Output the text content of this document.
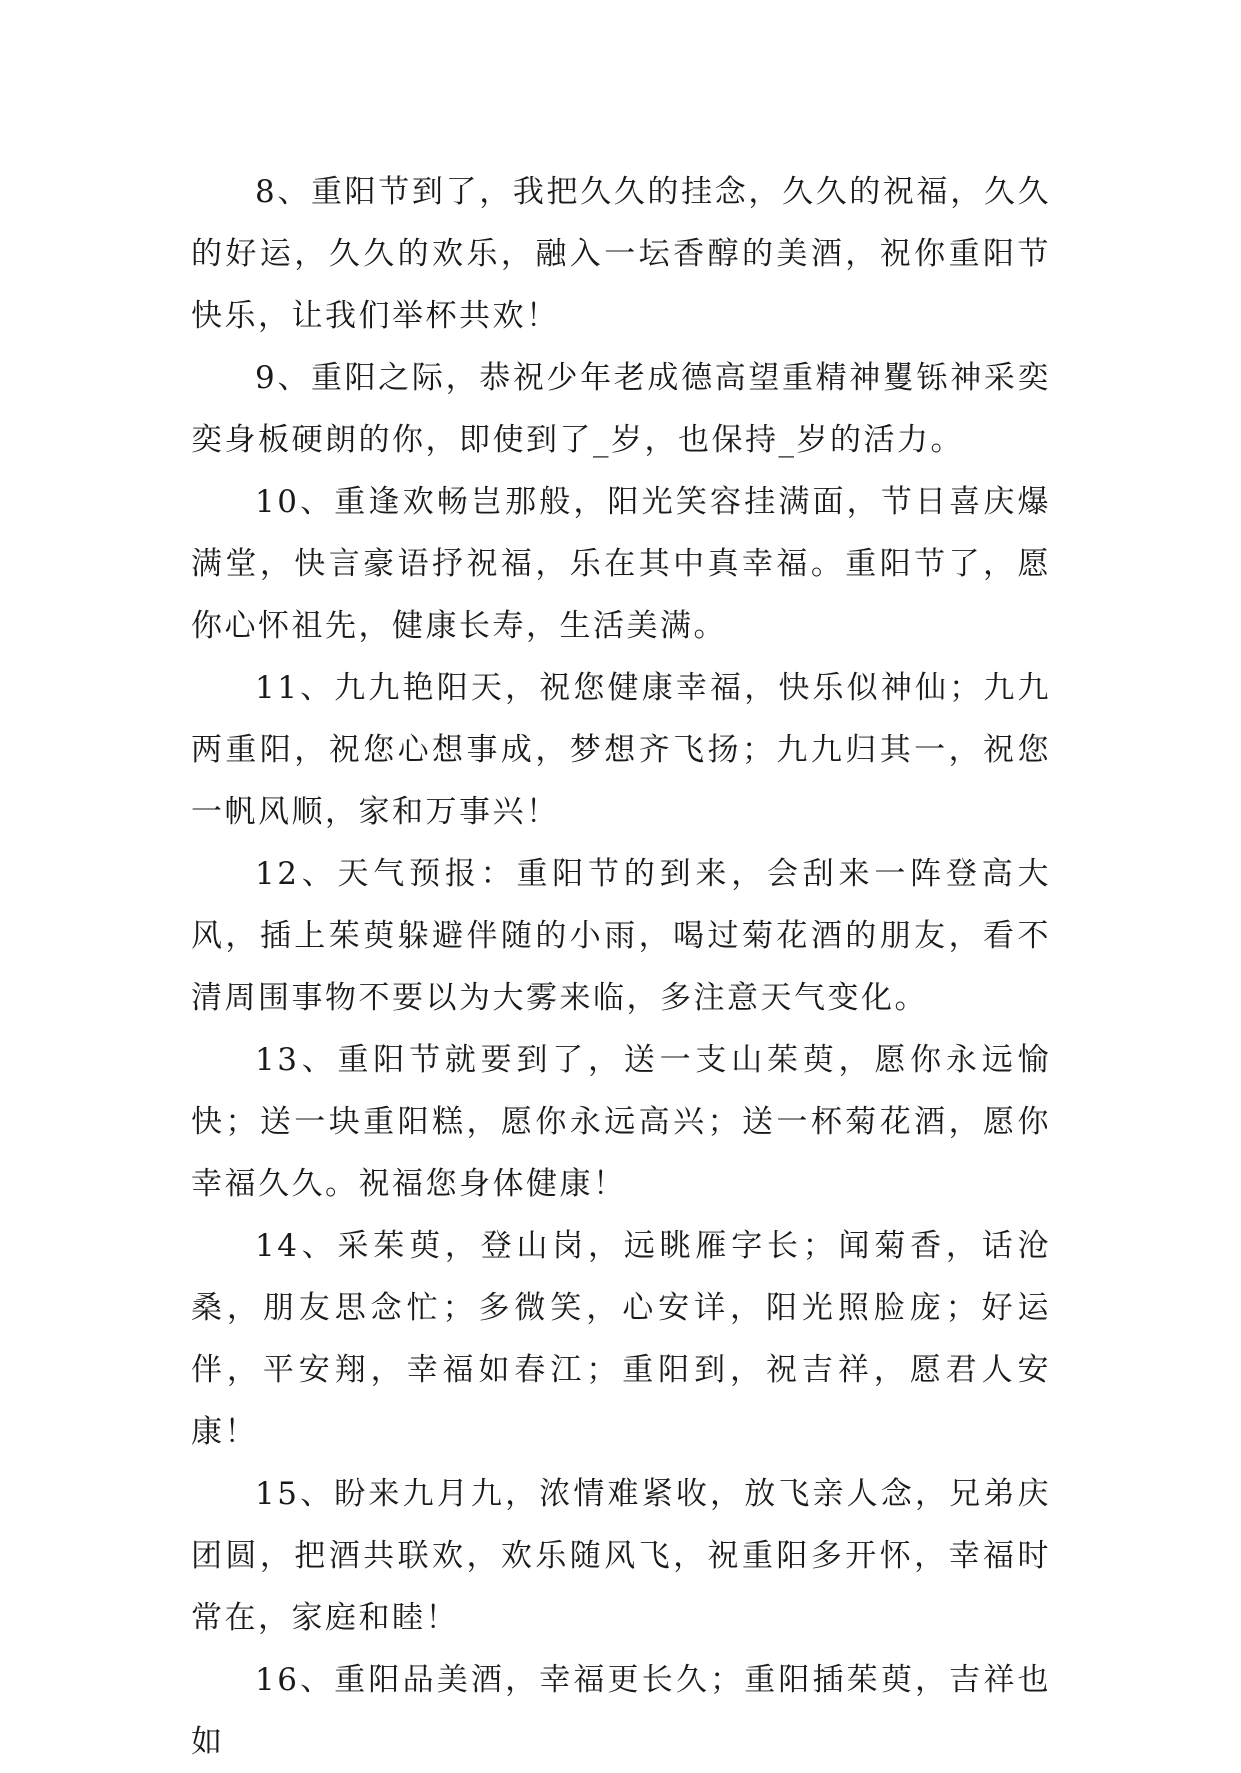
8、重阳节到了，我把久久的挂念，久久的祝福，久久的好运，久久的欢乐，融入一坛香醇的美酒，祝你重阳节快乐，让我们举杯共欢！

9、重阳之际，恭祝少年老成德高望重精神矍铄神采奕奕身板硬朗的你，即使到了_岁，也保持_岁的活力。

10、重逢欢畅岂那般，阳光笑容挂满面，节日喜庆爆满堂，快言豪语抒祝福，乐在其中真幸福。重阳节了，愿你心怀祖先，健康长寿，生活美满。

11、九九艳阳天，祝您健康幸福，快乐似神仙；九九两重阳，祝您心想事成，梦想齐飞扬；九九归其一，祝您一帆风顺，家和万事兴！

12、天气预报：重阳节的到来，会刮来一阵登高大风，插上茱萸躲避伴随的小雨，喝过菊花酒的朋友，看不清周围事物不要以为大雾来临，多注意天气变化。

13、重阳节就要到了，送一支山茱萸，愿你永远愉快；送一块重阳糕，愿你永远高兴；送一杯菊花酒，愿你幸福久久。祝福您身体健康！

14、采茱萸，登山岗，远眺雁字长；闻菊香，话沧桑，朋友思念忙；多微笑，心安详，阳光照脸庞；好运伴，平安翔，幸福如春江；重阳到，祝吉祥，愿君人安康！

15、盼来九月九，浓情难紧收，放飞亲人念，兄弟庆团圆，把酒共联欢，欢乐随风飞，祝重阳多开怀，幸福时常在，家庭和睦！

16、重阳品美酒，幸福更长久；重阳插茱萸，吉祥也如
